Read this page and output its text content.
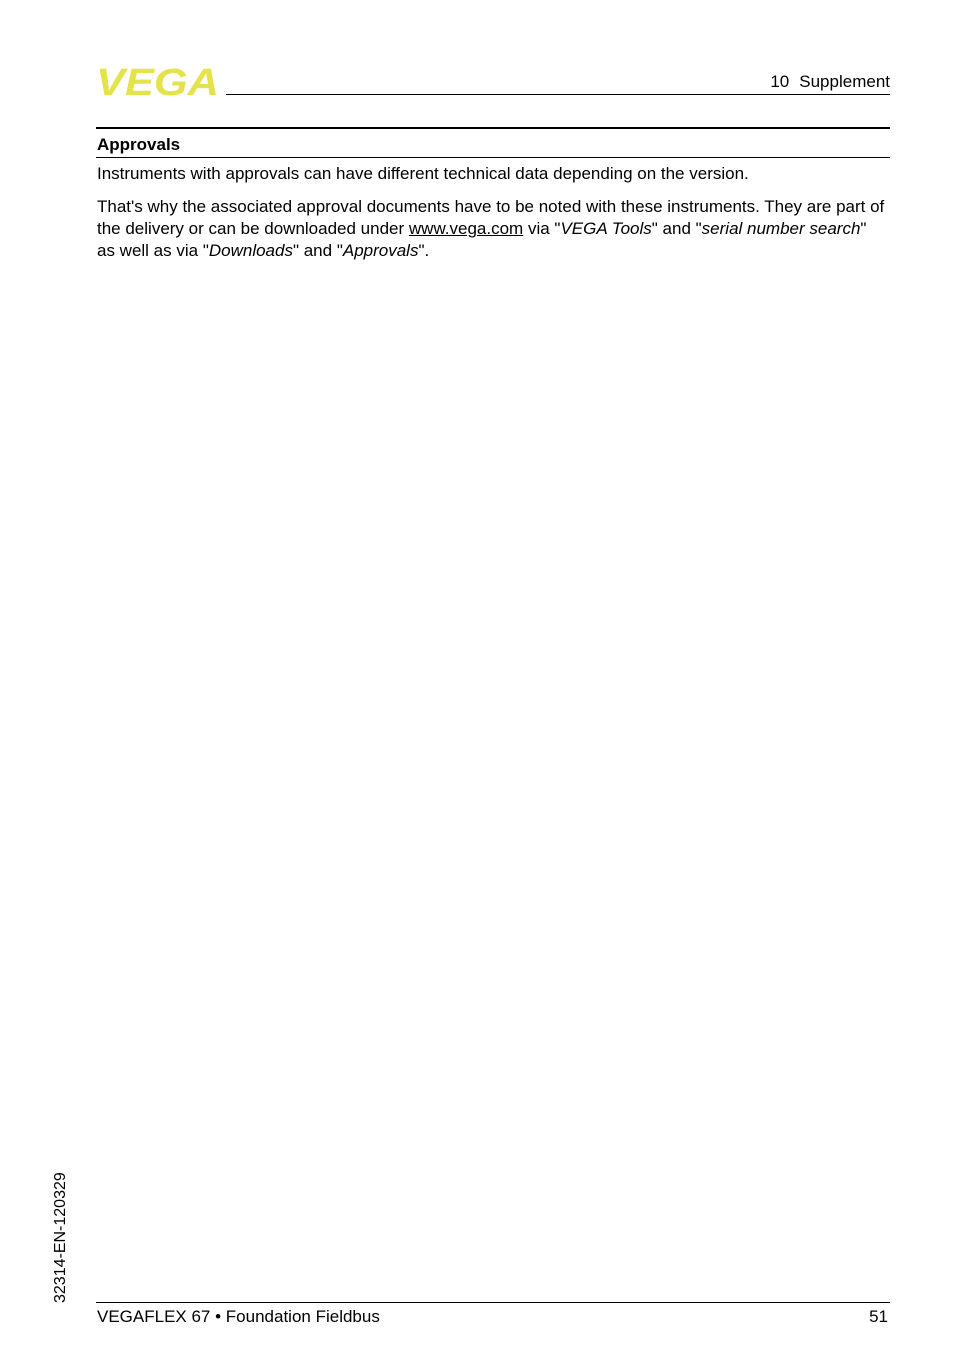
VEGA	10 Supplement
Approvals

Instruments with approvals can have different technical data depending on the version.

That's why the associated approval documents have to be noted with these instruments. They are part of the delivery or can be downloaded under www.vega.com via "VEGA Tools" and "serial number search" as well as via "Downloads" and "Approvals".

32314-EN-120329
VEGAFLEX 67 • Foundation Fieldbus	51
